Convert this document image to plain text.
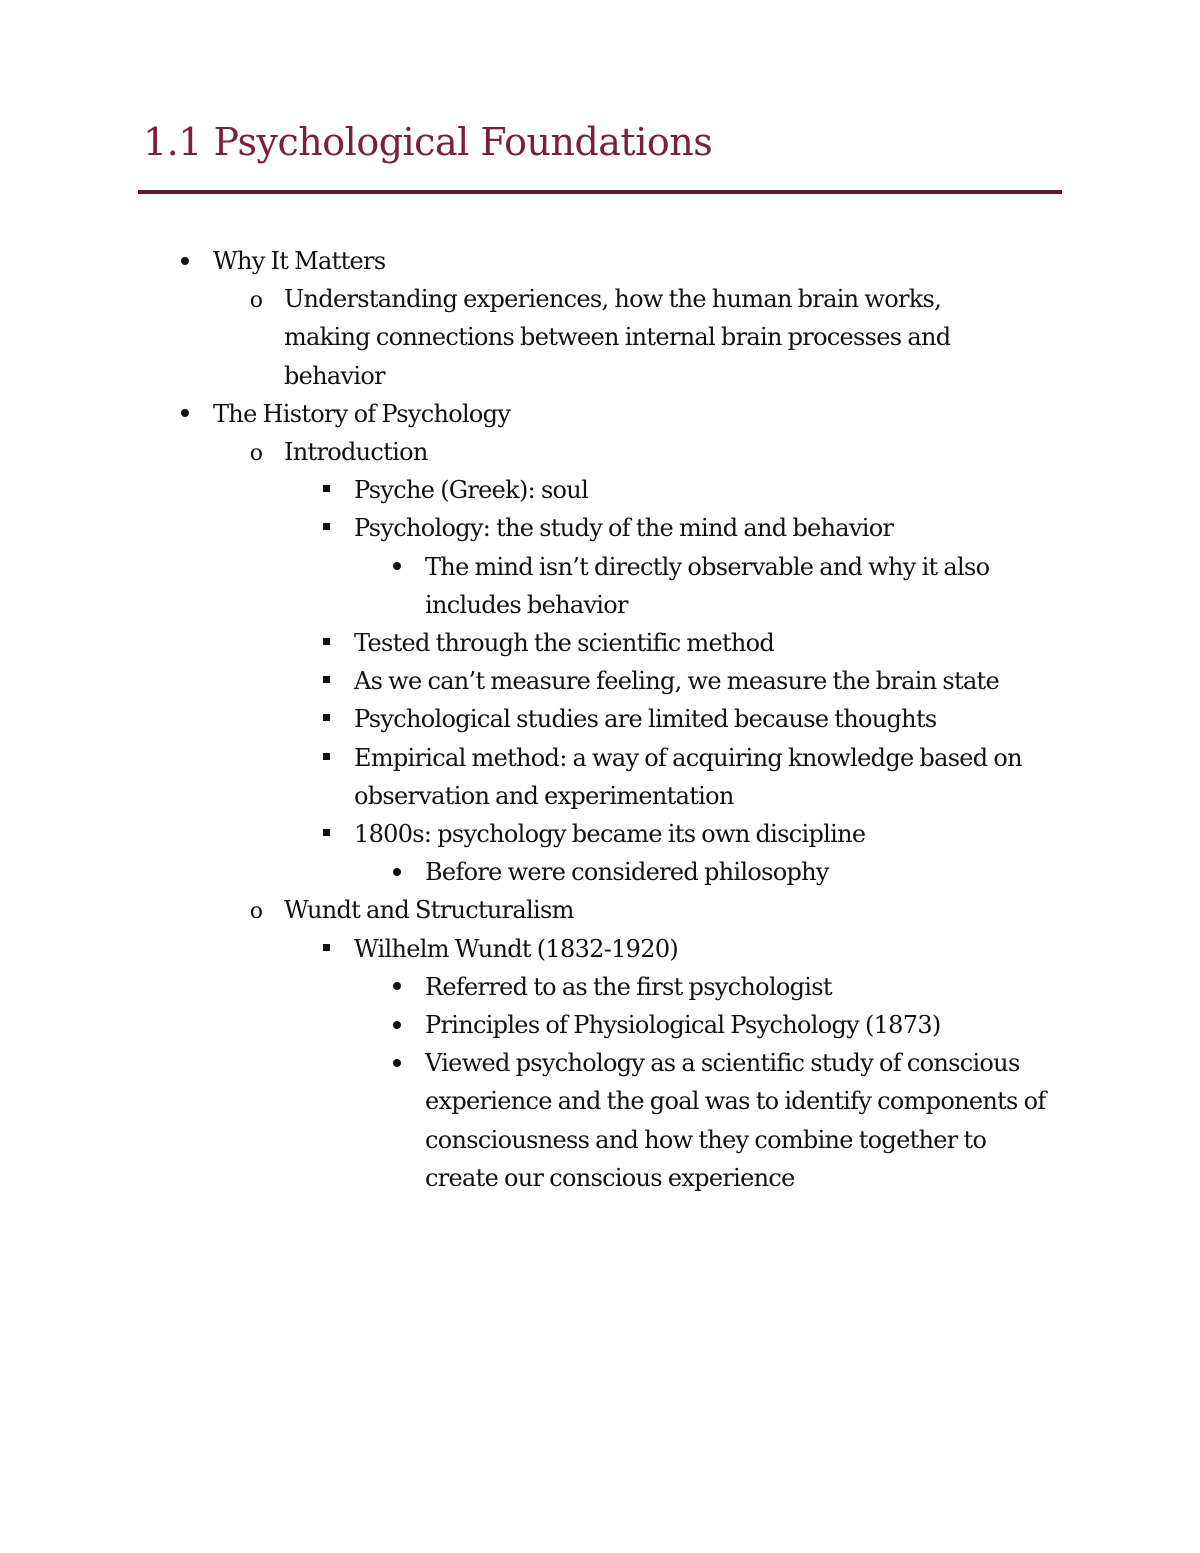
1.1 Psychological Foundations
Why It Matters
o Understanding experiences, how the human brain works, making connections between internal brain processes and behavior
The History of Psychology
o Introduction
Psyche (Greek): soul
Psychology: the study of the mind and behavior
The mind isn’t directly observable and why it also includes behavior
Tested through the scientific method
As we can’t measure feeling, we measure the brain state
Psychological studies are limited because thoughts
Empirical method: a way of acquiring knowledge based on observation and experimentation
1800s: psychology became its own discipline
Before were considered philosophy
o Wundt and Structuralism
Wilhelm Wundt (1832-1920)
Referred to as the first psychologist
Principles of Physiological Psychology (1873)
Viewed psychology as a scientific study of conscious experience and the goal was to identify components of consciousness and how they combine together to create our conscious experience
